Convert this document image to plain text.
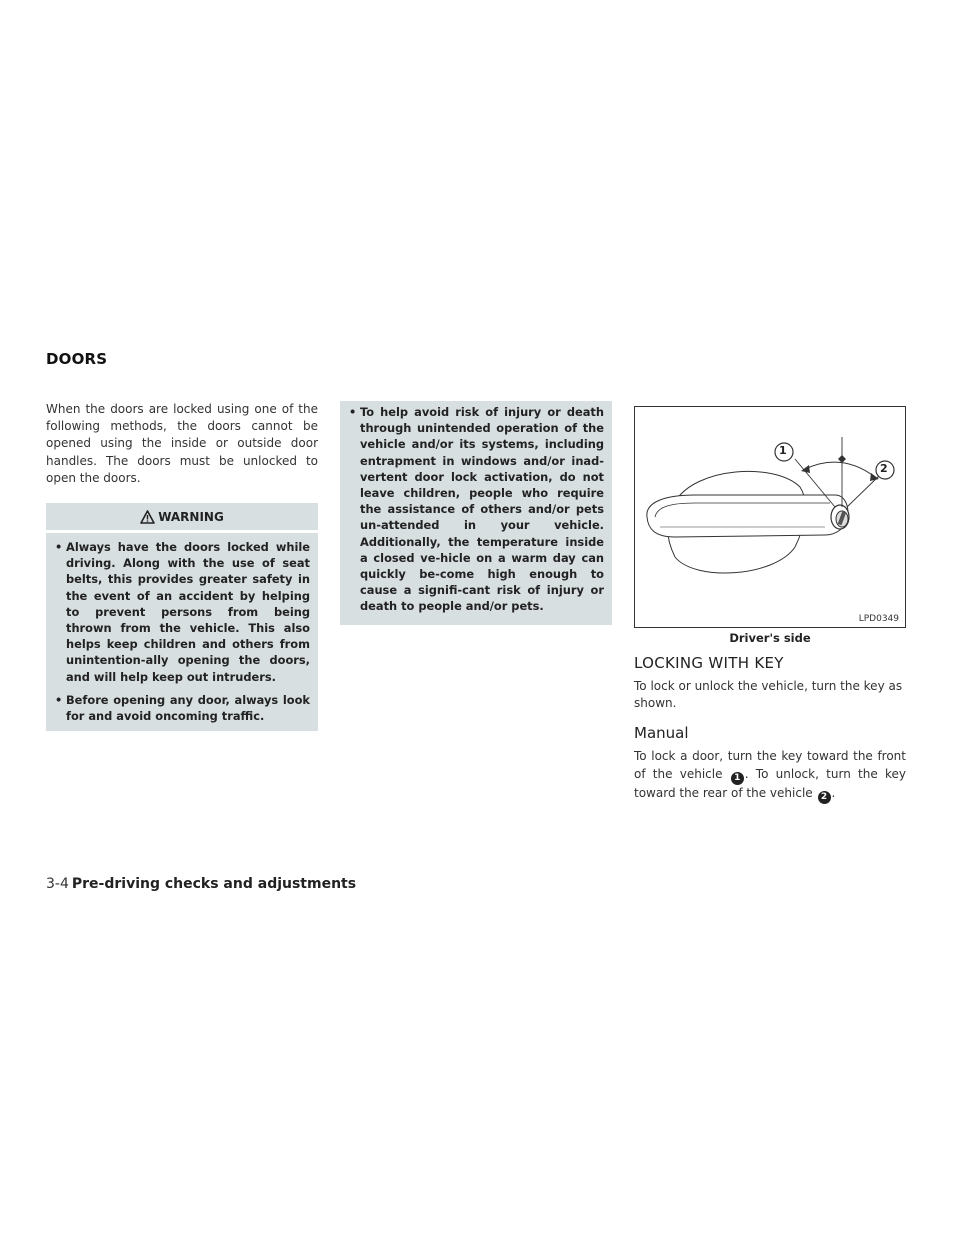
DOORS

When the doors are locked using one of the following methods, the doors cannot be opened using the inside or outside door handles. The doors must be unlocked to open the doors.

WARNING
• Always have the doors locked while driving. Along with the use of seat belts, this provides greater safety in the event of an accident by helping to prevent persons from being thrown from the vehicle. This also helps keep children and others from unintention-ally opening the doors, and will help keep out intruders.
• Before opening any door, always look for and avoid oncoming traffic.
• To help avoid risk of injury or death through unintended operation of the vehicle and/or its systems, including entrapment in windows and/or inad-vertent door lock activation, do not leave children, people who require the assistance of others and/or pets un-attended in your vehicle. Additionally, the temperature inside a closed ve-hicle on a warm day can quickly be-come high enough to cause a signifi-cant risk of injury or death to people and/or pets.
1
2
LPD0349
Driver's side
LOCKING WITH KEY

To lock or unlock the vehicle, turn the key as shown.

Manual

To lock a door, turn the key toward the front of the vehicle 1 . To unlock, turn the key toward the rear of the vehicle 2 .

3-4 Pre-driving checks and adjustments
